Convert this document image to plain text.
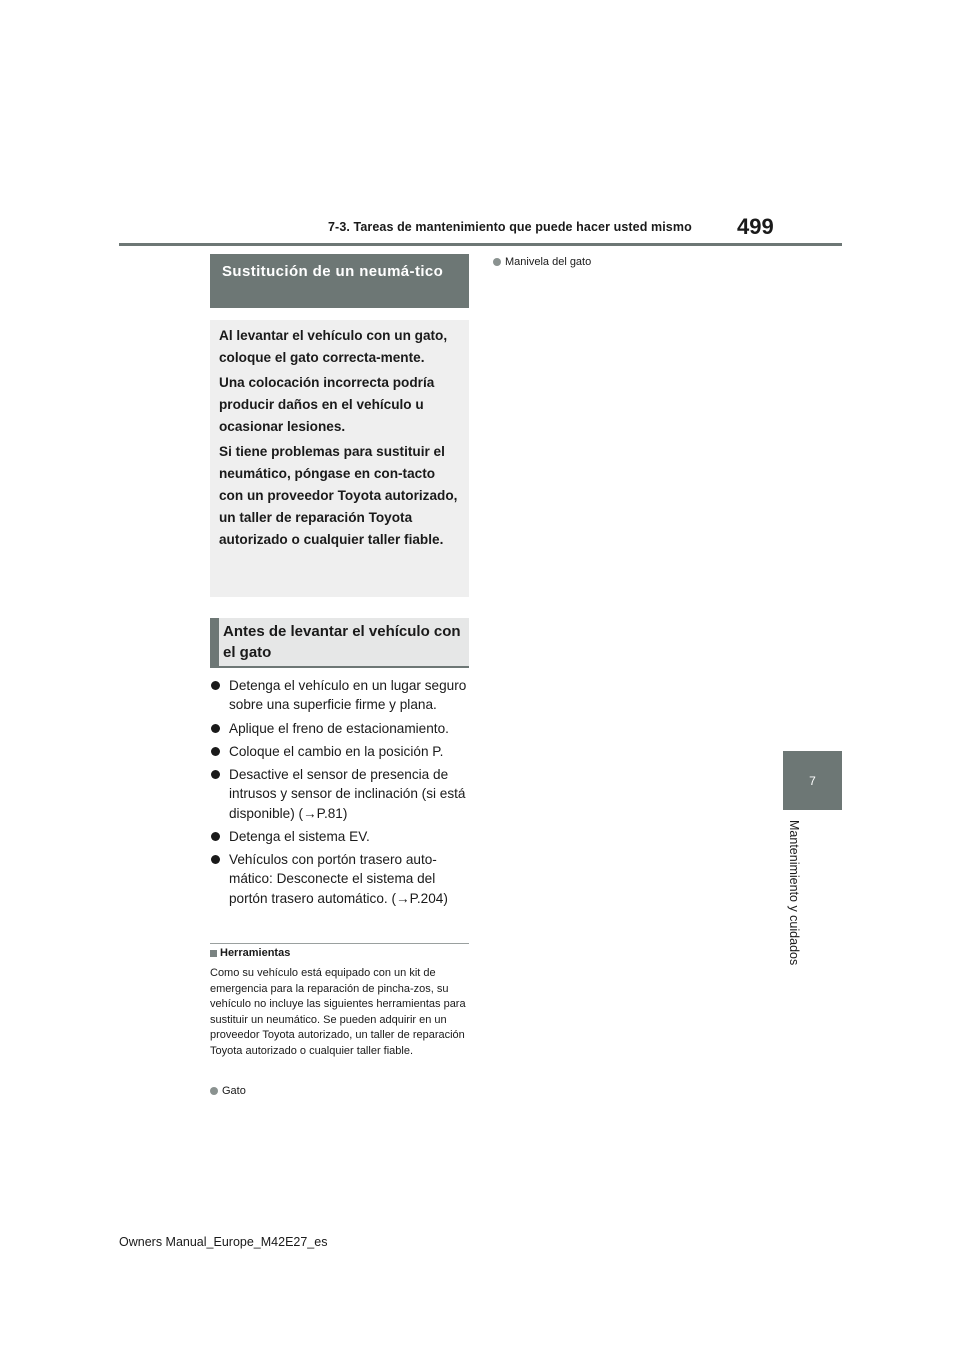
7-3. Tareas de mantenimiento que puede hacer usted mismo 499
7
Mantenimiento y cuidados
Sustitución de un neumá-tico

Al levantar el vehículo con un gato, coloque el gato correcta-mente.

Una colocación incorrecta podría producir daños en el vehículo u ocasionar lesiones.

Si tiene problemas para sustituir el neumático, póngase en con-tacto con un proveedor Toyota autorizado, un taller de reparación Toyota autorizado o cualquier taller fiable.

Antes de levantar el vehículo con el gato
Detenga el vehículo en un lugar seguro sobre una superficie firme y plana.
Aplique el freno de estacionamiento.
Coloque el cambio en la posición P.
Desactive el sensor de presencia de intrusos y sensor de inclinación (si está disponible) (→P.81)
Detenga el sistema EV.
Vehículos con portón trasero auto-mático: Desconecte el sistema del portón trasero automático. (→P.204)
Herramientas

Como su vehículo está equipado con un kit de emergencia para la reparación de pincha-zos, su vehículo no incluye las siguientes herramientas para sustituir un neumático. Se pueden adquirir en un proveedor Toyota autorizado, un taller de reparación Toyota autorizado o cualquier taller fiable.

Gato
Manivela del gato
Owners Manual_Europe_M42E27_es
